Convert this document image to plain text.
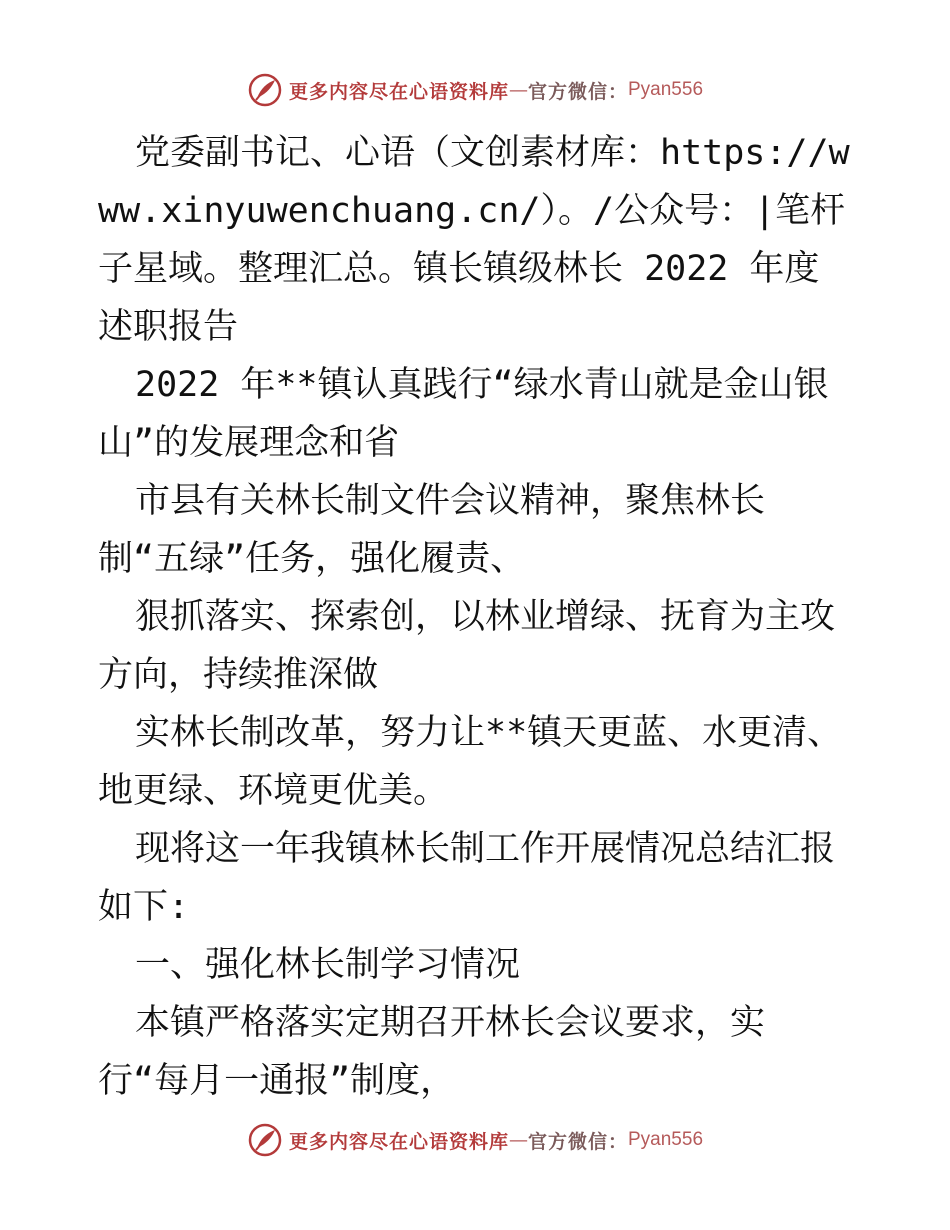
更多内容尽在心语资料库 — 官方微信： Pyan556

党委副书记、心语（文创素材库：https://www.xinyuwenchuang.cn/）。/公众号：|笔杆子星域。整理汇总。镇长镇级林长 2022 年度述职报告

2022 年**镇认真践行“绿水青山就是金山银

山”的发展理念和省

市县有关林长制文件会议精神，聚焦林长制“五绿”任务，强化履责、

狠抓落实、探索创，以林业增绿、抚育为主攻方向，持续推深做

实林长制改革，努力让**镇天更蓝、水更清、地更绿、环境更优美。

现将这一年我镇林长制工作开展情况总结汇报如下:

一、强化林长制学习情况

本镇严格落实定期召开林长会议要求，实行“每月一通报”制度，

更多内容尽在心语资料库 — 官方微信： Pyan556
